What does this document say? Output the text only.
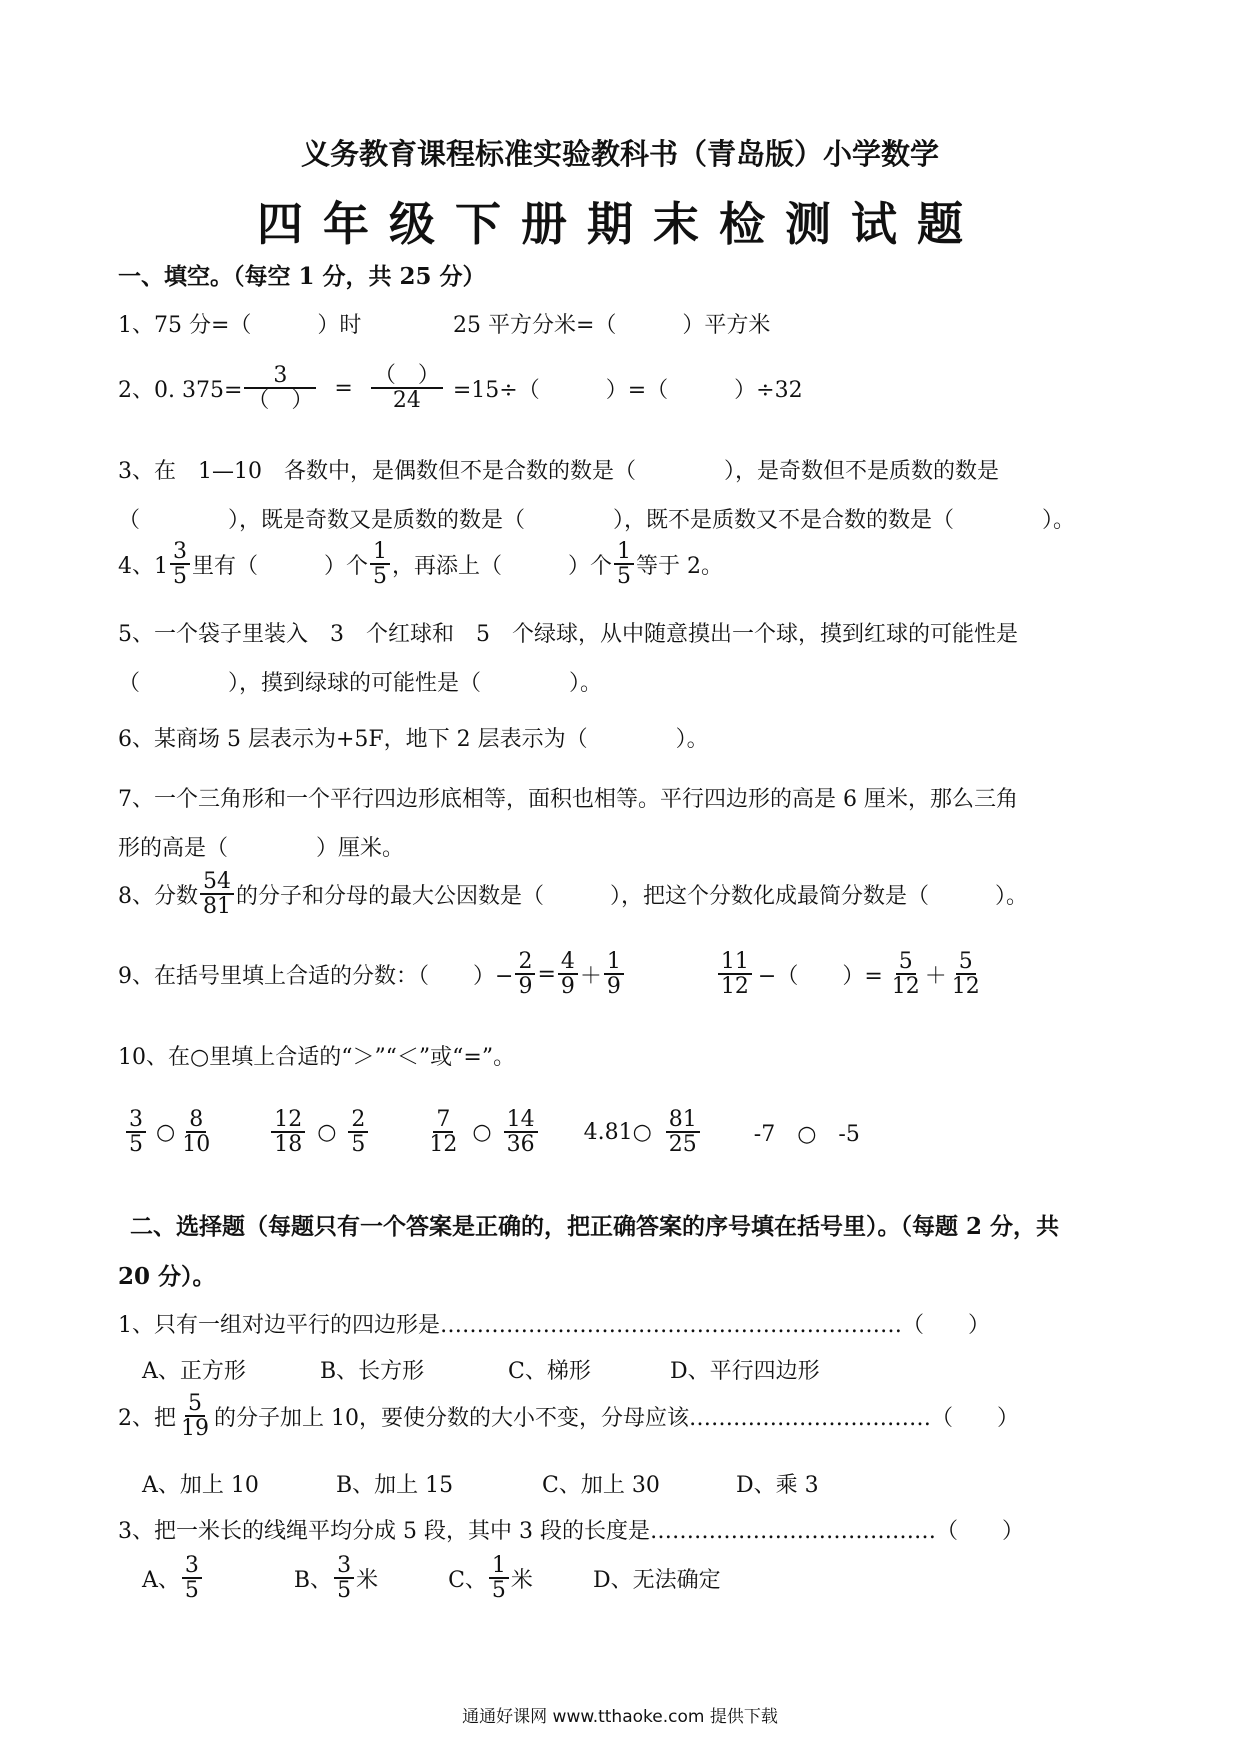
义务教育课程标准实验教科书（青岛版）小学数学
四年级下册期末检测试题
一、填空。（每空 1 分，共 25 分）
1、75 分=（　　　）时	25 平方分米=（　　　）平方米
2、0. $375= \frac{3}{( )} = \frac{( )}{24} =15\div$（　　　）=（　　　）÷32
3、在　1—10　各数中，是偶数但不是合数的数是（　　　　），是奇数但不是质数的数是
（　　　　），既是奇数又是质数的数是（　　　　），既不是质数又不是合数的数是（　　　　）。
4、$1 \frac{3}{5}$ 里有（　　　）个 $\frac{1}{5}$ ，再添上（　　　）个 $\frac{1}{5}$ 等于 2。
5、一个袋子里装入　3　个红球和　5　个绿球，从中随意摸出一个球，摸到红球的可能性是
（　　　　），摸到绿球的可能性是（　　　　）。
6、某商场 5 层表示为+5F，地下 2 层表示为（　　　　）。
7、一个三角形和一个平行四边形底相等，面积也相等。平行四边形的高是 6 厘米，那么三角
形的高是（　　　　）厘米。
8、分数 $\frac{54}{81}$ 的分子和分母的最大公因数是（　　　），把这个分数化成最简分数是（　　　）。
9、在括号里填上合适的分数：（　　）− $\frac{2}{9} = \frac{4}{9} + \frac{1}{9}$	$\frac{11}{12}$ −（　　）= $\frac{5}{12} + \frac{5}{12}$
10、在○里填上合适的“＞”“＜”或“=”。
$\frac{3}{5}$ ○ $\frac{8}{10}$	$\frac{12}{18}$ ○ $\frac{2}{5}$	$\frac{7}{12}$ ○ $\frac{14}{36}$ 4.81○ $\frac{81}{25} -7$　○　-5
二、选择题（每题只有一个答案是正确的，把正确答案的序号填在括号里）。（每题 2 分，共
20 分）。
1、只有一组对边平行的四边形是………………………………………………………（　　）
A、正方形	B、长方形	C、梯形	D、平行四边形
2、把 $\frac{5}{19}$ 的分子加上 10，要使分数的大小不变，分母应该……………………………（　　）
A、加上 10	B、加上 15	C、加上 30	D、乘 3
3、把一米长的线绳平均分成 5 段，其中 3 段的长度是…………………………………（　　）
A、 $\frac{3}{5}$	B、 $\frac{3}{5}$ 米	C、 $\frac{1}{5}$ 米	D、无法确定
通通好课网 www.tthaoke.com 提供下载
